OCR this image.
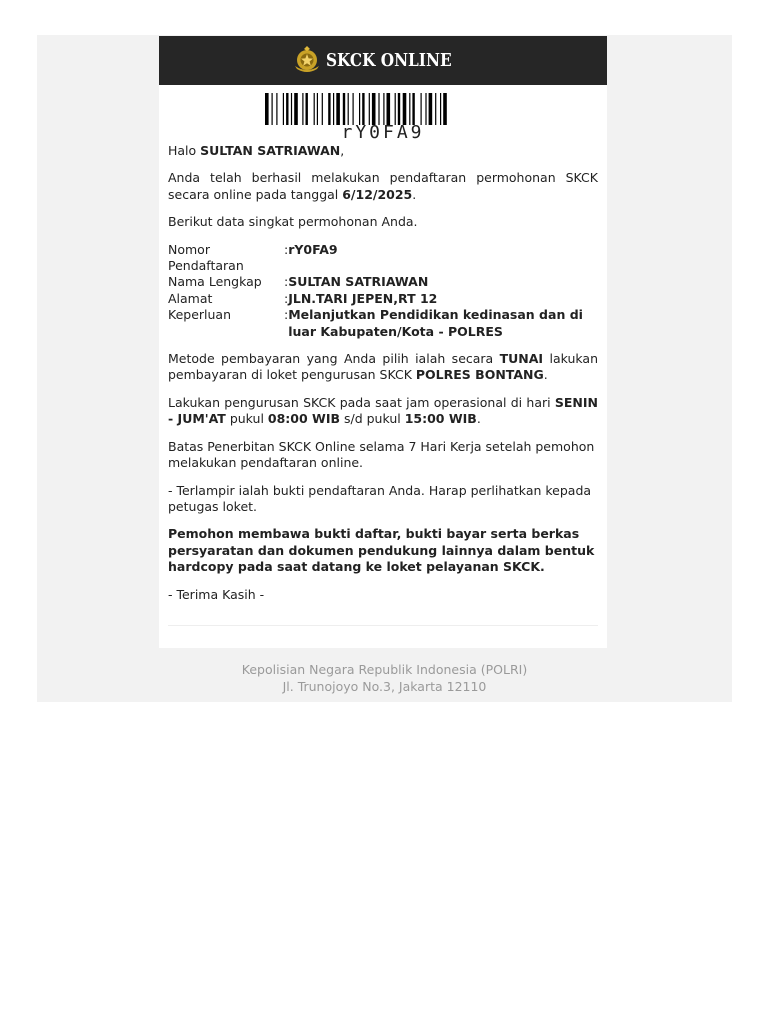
SKCK ONLINE
rY0FA9

Halo SULTAN SATRIAWAN,

Anda telah berhasil melakukan pendaftaran permohonan SKCK secara online pada tanggal 6/12/2025.

Berikut data singkat permohonan Anda.

Nomor Pendaftaran	:	rY0FA9
Nama Lengkap	:	SULTAN SATRIAWAN
Alamat	:	JLN.TARI JEPEN,RT 12
Keperluan	:	Melanjutkan Pendidikan kedinasan dan di luar Kabupaten/Kota - POLRES

Metode pembayaran yang Anda pilih ialah secara TUNAI lakukan pembayaran di loket pengurusan SKCK POLRES BONTANG.

Lakukan pengurusan SKCK pada saat jam operasional di hari SENIN - JUM'AT pukul 08:00 WIB s/d pukul 15:00 WIB.

Batas Penerbitan SKCK Online selama 7 Hari Kerja setelah pemohon melakukan pendaftaran online.

- Terlampir ialah bukti pendaftaran Anda. Harap perlihatkan kepada petugas loket.

Pemohon membawa bukti daftar, bukti bayar serta berkas persyaratan dan dokumen pendukung lainnya dalam bentuk hardcopy pada saat datang ke loket pelayanan SKCK.

- Terima Kasih -

Kepolisian Negara Republik Indonesia (POLRI)
Jl. Trunojoyo No.3, Jakarta 12110
